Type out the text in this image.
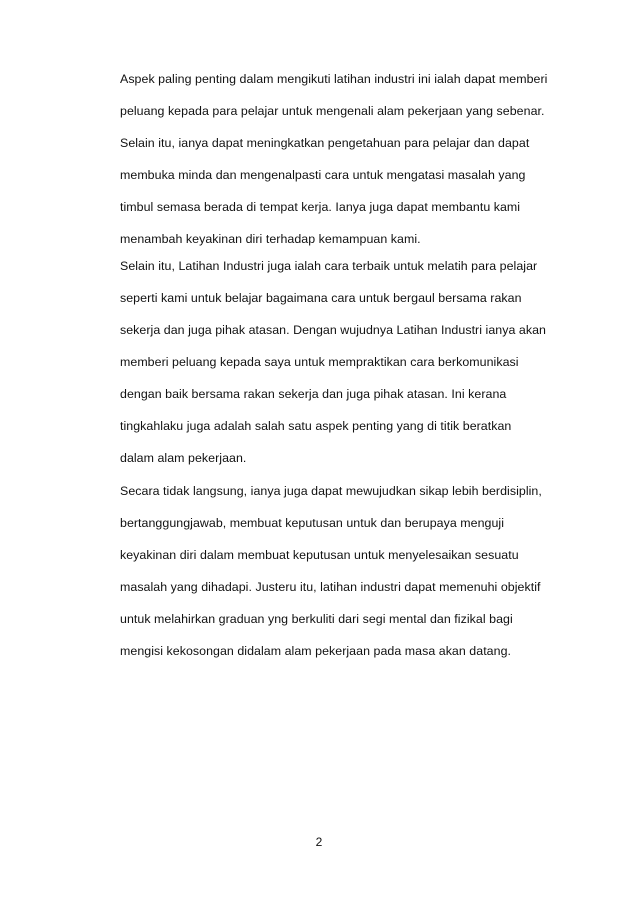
Aspek paling penting dalam mengikuti latihan industri ini ialah dapat memberi
peluang kepada para pelajar untuk mengenali alam pekerjaan yang sebenar.
Selain itu, ianya dapat meningkatkan pengetahuan para pelajar dan dapat
membuka minda dan mengenalpasti cara untuk mengatasi masalah yang
timbul semasa berada di tempat kerja. Ianya juga dapat membantu kami
menambah keyakinan diri terhadap kemampuan kami.
Selain itu, Latihan Industri juga ialah cara terbaik untuk melatih para pelajar
seperti kami untuk belajar bagaimana cara untuk bergaul bersama rakan
sekerja dan juga pihak atasan. Dengan wujudnya Latihan Industri ianya akan
memberi peluang kepada saya untuk mempraktikan cara berkomunikasi
dengan baik bersama rakan sekerja dan juga pihak atasan. Ini kerana
tingkahlaku juga adalah salah satu aspek penting yang di titik beratkan
dalam alam pekerjaan.
Secara tidak langsung, ianya juga dapat mewujudkan sikap lebih berdisiplin,
bertanggungjawab, membuat keputusan untuk dan berupaya menguji
keyakinan diri dalam membuat keputusan untuk menyelesaikan sesuatu
masalah yang dihadapi. Justeru itu, latihan industri dapat memenuhi objektif
untuk melahirkan graduan yng berkuliti dari segi mental dan fizikal bagi
mengisi kekosongan didalam alam pekerjaan pada masa akan datang.
2
